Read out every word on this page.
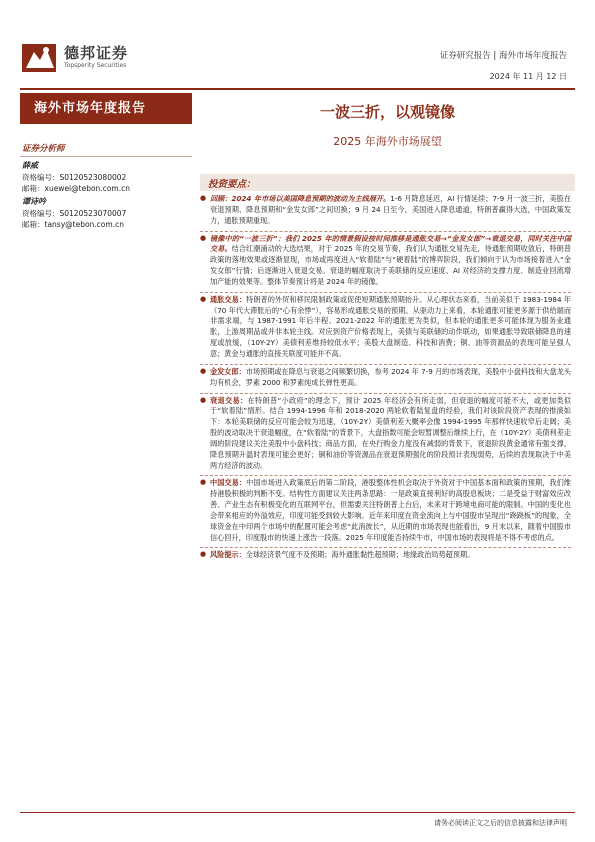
德邦证券
Topsperity Securities
证券研究报告 | 海外市场年度报告
2024 年 11 月 12 日
海外市场年度报告	一波三折，以观镜像
2025 年海外市场展望
证券分析师
薛威
资格编号：S0120523080002
邮箱：xuewei@tebon.com.cn
谭诗吟
资格编号：S0120523070007
邮箱：tansy@tebon.com.cn
投资要点：
● 回顾：2024 年市场以美国降息预期的波动为主线展开。1-6 月降息延迟，AI 行情延续；7-9 月一波三折，美股在衰退预期、降息预期和“金发女郎”之间切换；9 月 24 日至今，美国进入降息通道，特朗普赢得大选，中国政策发力，通胀预期重现。
● 镜像中的“一波三折”：我们 2025 年的情景假设按时间推移是通胀交易→“金发女郎”→衰退交易，同时关注中国交易。结合红潮涌动的大选结果，对于 2025 年的交易节奏，我们认为通胀交易先走，待通胀预期收敛后，特朗普政策的落地效果或逐渐显现，市场或再度进入“软着陆”与“硬着陆”的博弈阶段，我们倾向于认为市场接着进入“金发女郎”行情；后逐渐进入衰退交易。衰退的幅度取决于美联储的反应速度、AI 对经济的支撑力度、制造业回流增加产能的效果等。整体节奏预计将是 2024 年的镜像。
● 通胀交易：特朗普的外贸和移民限制政策或促使短期通胀预期抬升。从心理状态来看，当前美似于 1983-1984 年（70 年代大滞胀后的“心有余悸”），容易形成通胀交易的预期。从驱动力上来看，本轮通胀可能更多源于供给端而非需求端，与 1987-1991 年后半程、2021-2022 年的通胀更为类似，但本轮的通胀更多可能体现为服务业通胀，上游周期品或并非本轮主线。对应到资产价格表现上，美债与美联储的动作联动，如果通胀导致联储降息的速度或放缓，（10Y-2Y）美债利差维持较低水平；美股大盘制造、科技和消费；铜、油等资源品的表现可能呈强人意；黄金与通胀的直接关联度可能并不高。
● 金发女郎：市场预期或在降息与衰退之间频繁切换，参考 2024 年 7-9 月的市场表现，美股中小盘科技和大盘龙头均有机会，罗素 2000 和罗素纯成长弹性更高。
● 衰退交易：在特朗普“小政府”的理念下，预计 2025 年经济会有所走弱，但衰退的幅度可能不大，或更加类似于“软着陆”情形。结合 1994-1996 年和 2018-2020 两轮软着陆复盘的经验，我们对该阶段资产表现的推演如下：本轮美联储的反应可能会较为迅速，（10Y-2Y）美债利差大概率会像 1994-1995 年那样快速收窄后走阔；美股的波动取决于衰退幅度，在“软着陆”的背景下，大盘指数可能会短暂调整后继续上行，在（10Y-2Y）美债利差走阔的阶段建议关注美股中小盘科技；商品方面，在央行购金力度没有减弱的背景下，衰退阶段黄金通常有强支撑，降息预期升温时表现可能会更好；铜和油价等资源品在衰退预期强化的阶段预计表现弱势，后续的表现取决于中美两方经济的波动。
● 中国交易：中国市场进入政策底后的第二阶段，港股整体性机会取决于外资对于中国基本面和政策的预期，我们维持港股积极的判断不变。结构性方面建议关注两条思路：一是政策直接利好的高股息板块；二是受益于财富效应改善、产业生态有积极变化的互联网平台，但需要关注特朗普上台后，未来对于跨境电商可能的限制。中国的变化也会带来相应的外溢效应，印度可能受到较大影响。近年来印度在资金流向上与中国股市呈现出“跷跷板”的现象，全球资金在中印两个市场中的配置可能会考虑“此消彼长”，从近期的市场表现也能看出，9 月末以来，随着中国股市信心回升，印度股市的快速上涨告一段落。2025 年印度能否持续牛市，中国市场的表现将是不得不考虑的点。
● 风险提示：全球经济景气度不及预期；海外通胀黏性超预期；地缘政治局势超预期。
请务必阅读正文之后的信息披露和法律声明
